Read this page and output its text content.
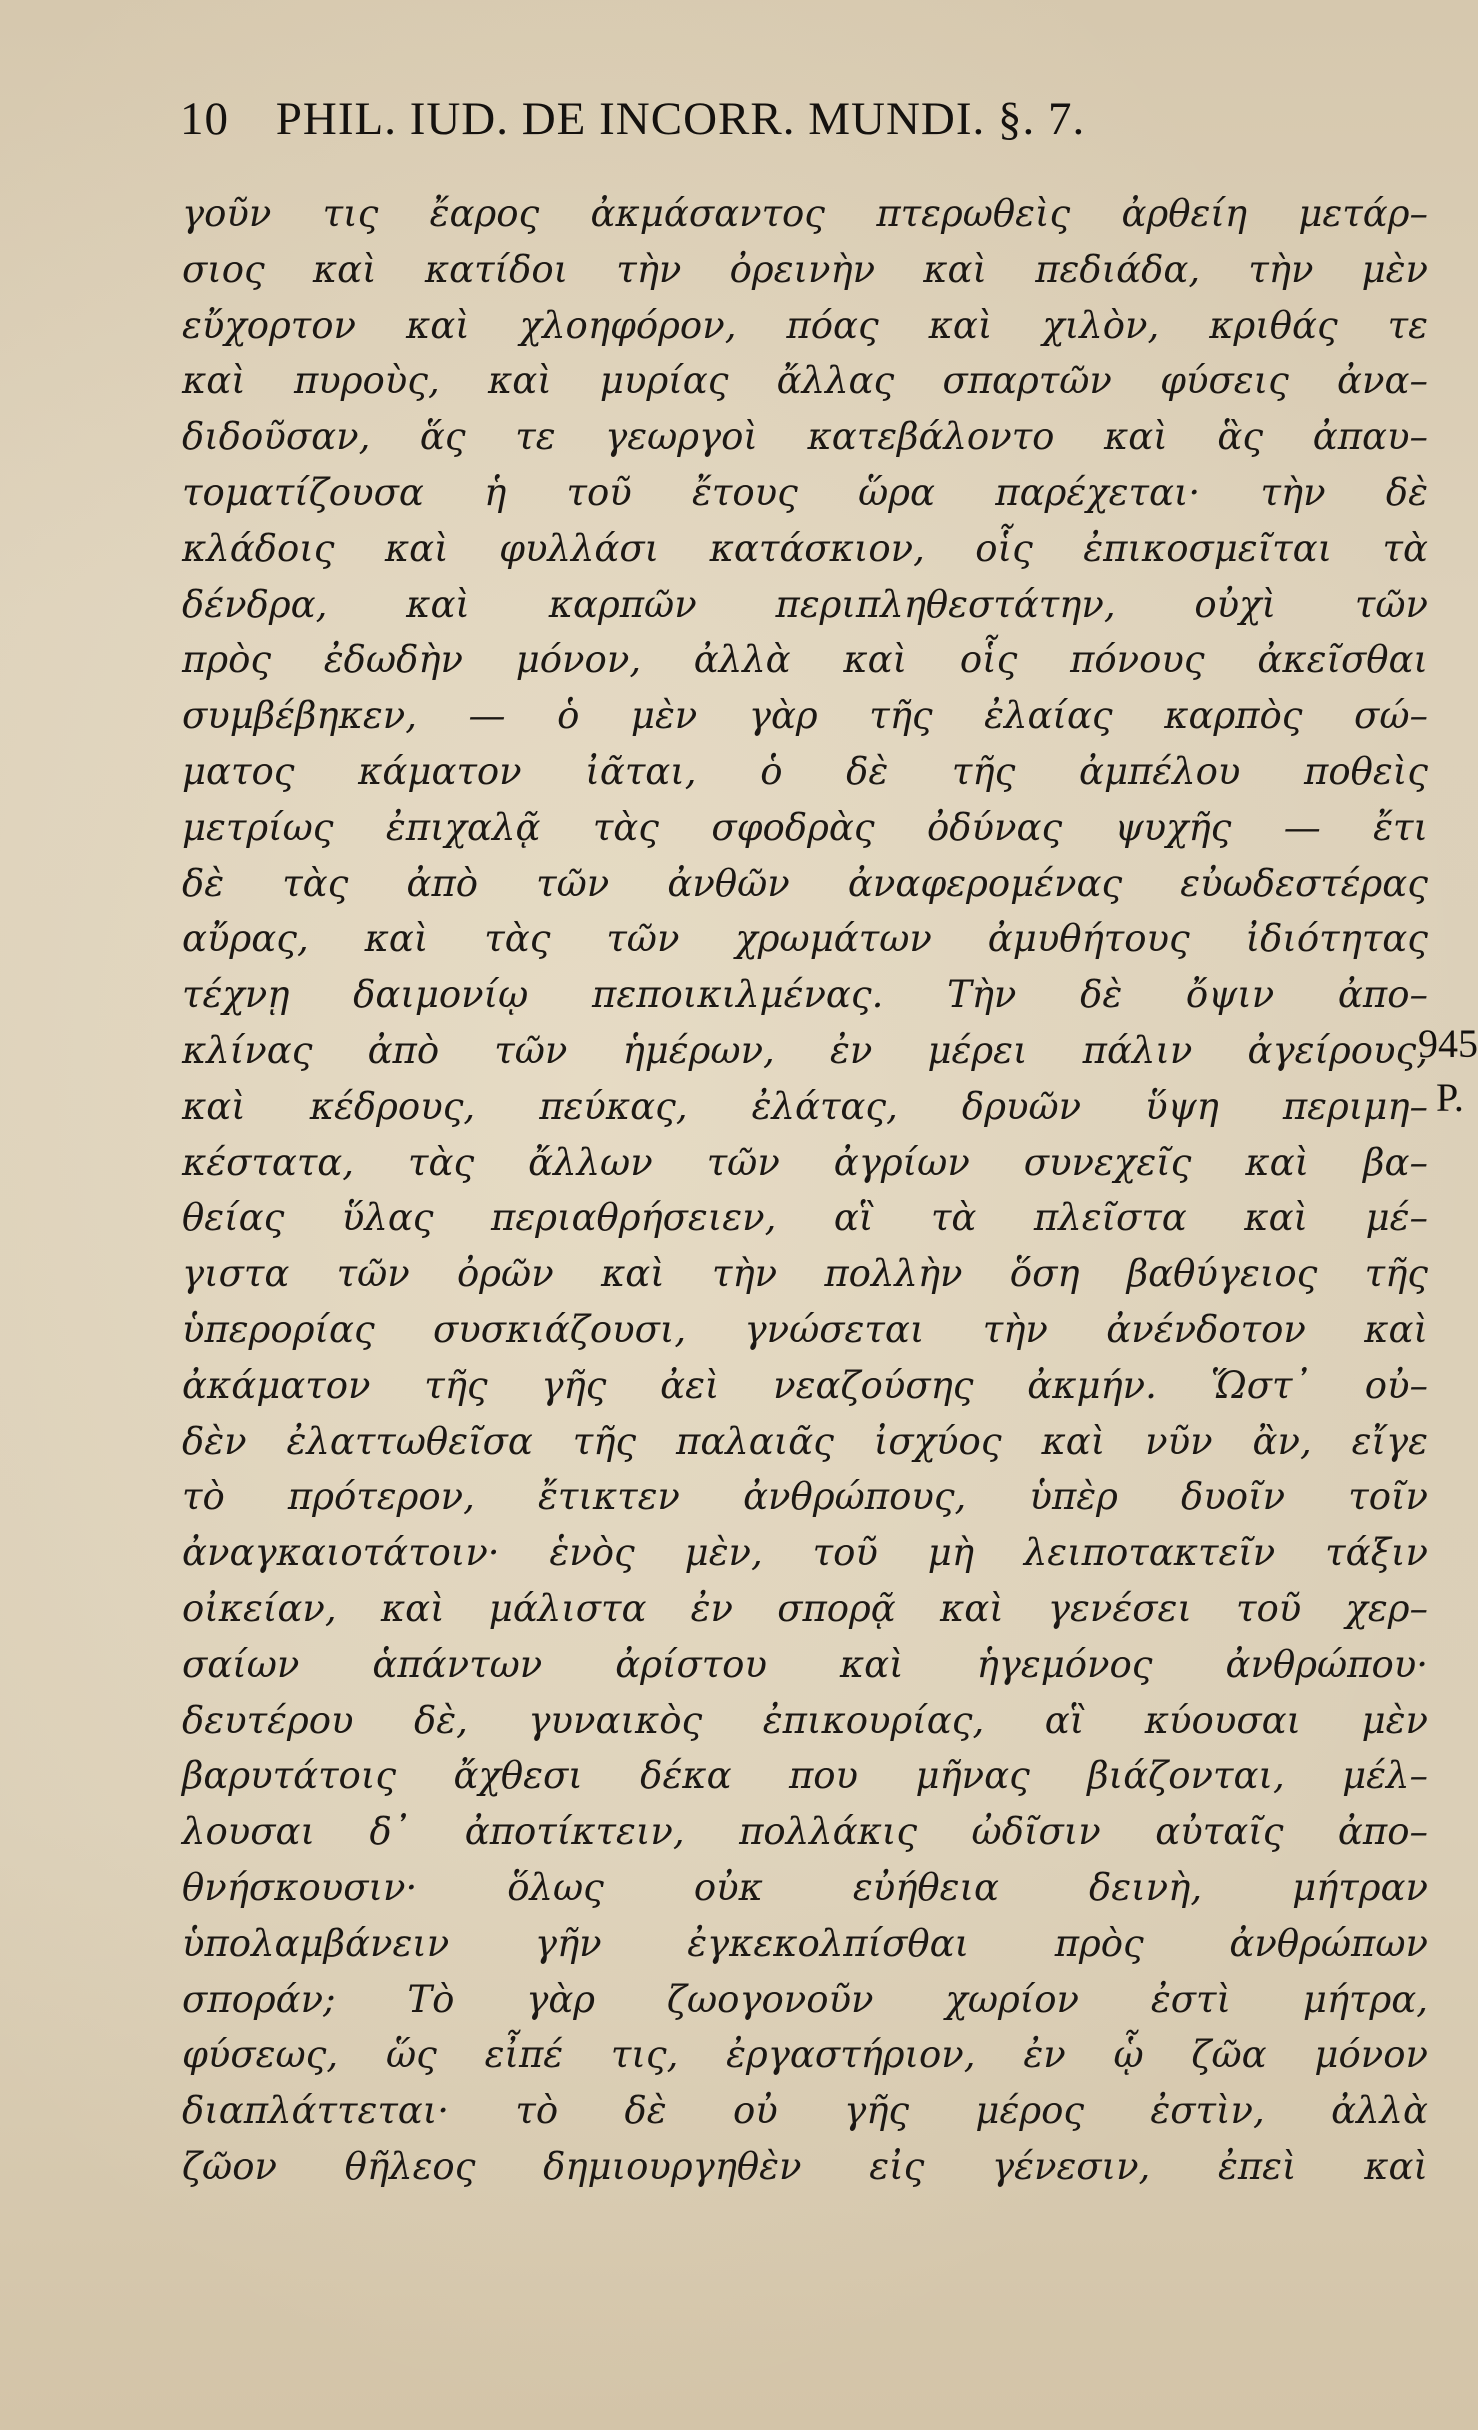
10 PHIL. IUD. DE INCORR. MUNDI. §. 7.
γοῦν τις ἔαρος ἀκμάσαντος πτερωθεὶς ἀρθείη μετάρ–
σιος καὶ κατίδοι τὴν ὀρεινὴν καὶ πεδιάδα, τὴν μὲν
εὔχορτον καὶ χλοηφόρον, πόας καὶ χιλὸν, κριθάς τε
καὶ πυροὺς, καὶ μυρίας ἄλλας σπαρτῶν φύσεις ἀνα–
διδοῦσαν, ἅς τε γεωργοὶ κατεβάλοντο καὶ ἃς ἀπαυ–
τοματίζουσα ἡ τοῦ ἔτους ὥρα παρέχεται· τὴν δὲ
κλάδοις καὶ φυλλάσι κατάσκιον, οἷς ἐπικοσμεῖται τὰ
δένδρα, καὶ καρπῶν περιπληθεστάτην, οὐχὶ τῶν
πρὸς ἐδωδὴν μόνον, ἀλλὰ καὶ οἷς πόνους ἀκεῖσθαι
συμβέβηκεν, — ὁ μὲν γὰρ τῆς ἐλαίας καρπὸς σώ–
ματος κάματον ἰᾶται, ὁ δὲ τῆς ἀμπέλου ποθεὶς
μετρίως ἐπιχαλᾷ τὰς σφοδρὰς ὀδύνας ψυχῆς — ἔτι
δὲ τὰς ἀπὸ τῶν ἀνθῶν ἀναφερομένας εὐωδεστέρας
αὔρας, καὶ τὰς τῶν χρωμάτων ἀμυθήτους ἰδιότητας
τέχνῃ δαιμονίῳ πεποικιλμένας. Τὴν δὲ ὄψιν ἀπο–
κλίνας ἀπὸ τῶν ἡμέρων, ἐν μέρει πάλιν ἀγείρους,
καὶ κέδρους, πεύκας, ἐλάτας, δρυῶν ὕψη περιμη–
κέστατα, τὰς ἄλλων τῶν ἀγρίων συνεχεῖς καὶ βα–
θείας ὕλας περιαθρήσειεν, αἳ τὰ πλεῖστα καὶ μέ–
γιστα τῶν ὀρῶν καὶ τὴν πολλὴν ὅση βαθύγειος τῆς
ὑπερορίας συσκιάζουσι, γνώσεται τὴν ἀνένδοτον καὶ
ἀκάματον τῆς γῆς ἀεὶ νεαζούσης ἀκμήν. Ὥστ᾽ οὐ–
δὲν ἐλαττωθεῖσα τῆς παλαιᾶς ἰσχύος καὶ νῦν ἂν, εἴγε
τὸ πρότερον, ἔτικτεν ἀνθρώπους, ὑπὲρ δυοῖν τοῖν
ἀναγκαιοτάτοιν· ἑνὸς μὲν, τοῦ μὴ λειποτακτεῖν τάξιν
οἰκείαν, καὶ μάλιστα ἐν σπορᾷ καὶ γενέσει τοῦ χερ–
σαίων ἁπάντων ἀρίστου καὶ ἡγεμόνος ἀνθρώπου·
δευτέρου δὲ, γυναικὸς ἐπικουρίας, αἳ κύουσαι μὲν
βαρυτάτοις ἄχθεσι δέκα που μῆνας βιάζονται, μέλ–
λουσαι δ᾽ ἀποτίκτειν, πολλάκις ὠδῖσιν αὐταῖς ἀπο–
θνήσκουσιν· ὅλως οὐκ εὐήθεια δεινὴ, μήτραν
ὑπολαμβάνειν γῆν ἐγκεκολπίσθαι πρὸς ἀνθρώπων
σποράν; Τὸ γὰρ ζωογονοῦν χωρίον ἐστὶ μήτρα,
φύσεως, ὥς εἶπέ τις, ἐργαστήριον, ἐν ᾧ ζῶα μόνον
διαπλάττεται· τὸ δὲ οὐ γῆς μέρος ἐστὶν, ἀλλὰ
ζῶον θῆλεος δημιουργηθὲν εἰς γένεσιν, ἐπεὶ καὶ
945
P.
